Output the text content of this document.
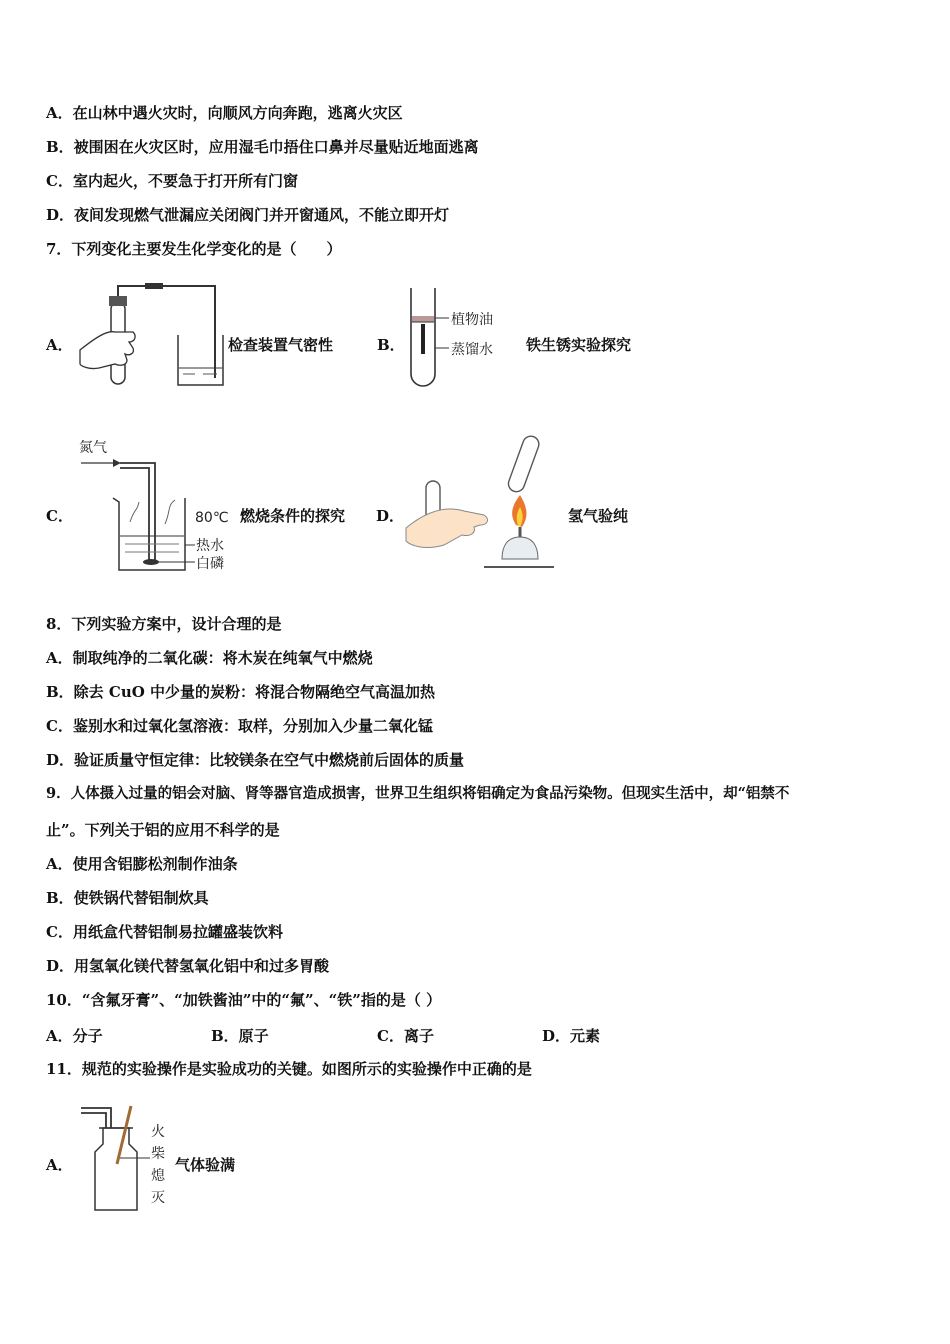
A．在山林中遇火灾时，向顺风方向奔跑，逃离火灾区
B．被围困在火灾区时，应用湿毛巾捂住口鼻并尽量贴近地面逃离
C．室内起火，不要急于打开所有门窗
D．夜间发现燃气泄漏应关闭阀门并开窗通风，不能立即开灯
7．下列变化主要发生化学变化的是（　　）
A．	检查装置气密性	B．
植物油
蒸馏水 铁生锈实验探究
C．
氮气
80℃
热水
白磷
燃烧条件的探究 D．	氢气验纯
8．下列实验方案中，设计合理的是
A．制取纯净的二氧化碳：将木炭在纯氧气中燃烧
B．除去 CuO 中少量的炭粉：将混合物隔绝空气高温加热
C．鉴别水和过氧化氢溶液：取样，分别加入少量二氧化锰
D．验证质量守恒定律：比较镁条在空气中燃烧前后固体的质量
9．人体摄入过量的铝会对脑、肾等器官造成损害，世界卫生组织将铝确定为食品污染物。但现实生活中，却“铝禁不
止”。下列关于铝的应用不科学的是
A．使用含铝膨松剂制作油条
B．使铁锅代替铝制炊具
C．用纸盒代替铝制易拉罐盛装饮料
D．用氢氧化镁代替氢氧化铝中和过多胃酸
10．“含氟牙膏”、“加铁酱油”中的“氟”、“铁”指的是（ ）
A．分子	B．原子	C．离子	D．元素
11．规范的实验操作是实验成功的关键。如图所示的实验操作中正确的是
A．
火
柴
熄
灭
气体验满
